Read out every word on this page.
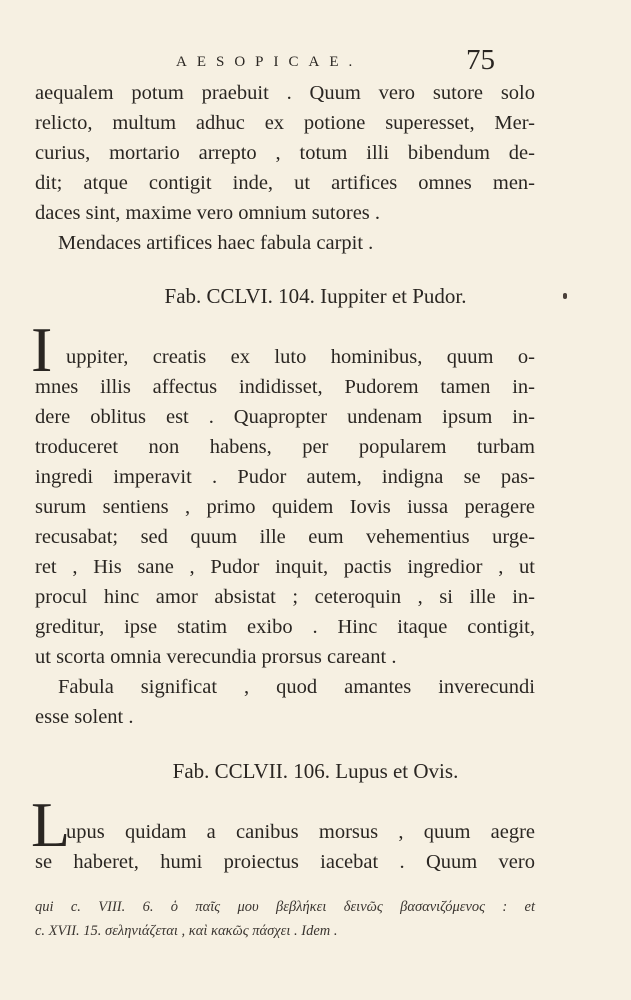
AESOPICAE.	75
aequalem potum praebuit . Quum vero sutore solo
relicto, multum adhuc ex potione superesset, Mer-
curius, mortario arrepto , totum illi bibendum de-
dit; atque contigit inde, ut artifices omnes men-
daces sint, maxime vero omnium sutores .
Mendaces artifices haec fabula carpit .
Fab. CCLVI. 104. Iuppiter et Pudor.
I uppiter, creatis ex luto hominibus, quum o-
mnes illis affectus indidisset, Pudorem tamen in-
dere oblitus est . Quapropter undenam ipsum in-
troduceret non habens, per popularem turbam
ingredi imperavit . Pudor autem, indigna se pas-
surum sentiens , primo quidem Iovis iussa peragere
recusabat; sed quum ille eum vehementius urge-
ret , His sane , Pudor inquit, pactis ingredior , ut
procul hinc amor absistat ; ceteroquin , si ille in-
greditur, ipse statim exibo . Hinc itaque contigit,
ut scorta omnia verecundia prorsus careant .
Fabula significat , quod amantes inverecundi
esse solent .
Fab. CCLVII. 106. Lupus et Ovis.
L
upus quidam a canibus morsus , quum aegre
se haberet, humi proiectus iacebat . Quum vero
qui c. VIII. 6. ὁ παῖς μου βεβλήκει δεινῶς βασανιζόμενος : et
c. XVII. 15. σεληνιάζεται , καὶ κακῶς πάσχει . Idem .
